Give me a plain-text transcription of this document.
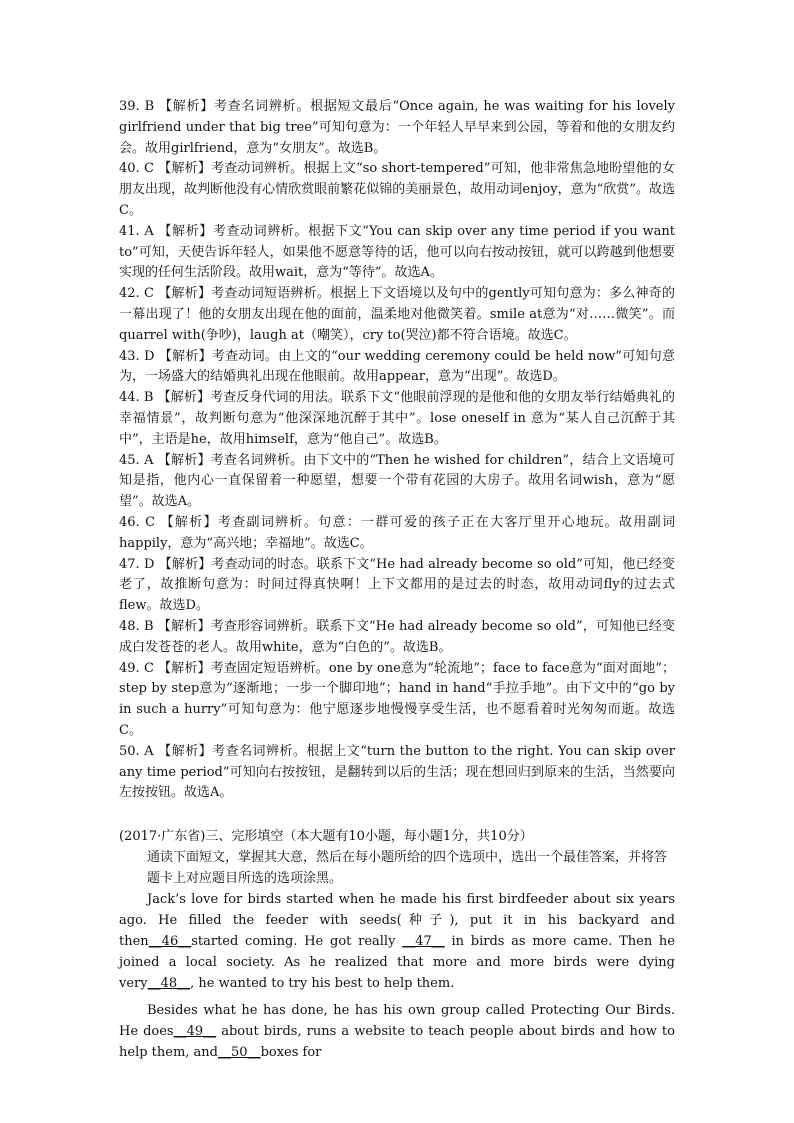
39. B 【解析】考查名词辨析。根据短文最后“Once again, he was waiting for his lovely girlfriend under that big tree”可知句意为：一个年轻人早早来到公园，等着和他的女朋友约会。故用girlfriend，意为“女朋友”。故选B。

40. C 【解析】考查动词辨析。根据上文“so short-tempered”可知，他非常焦急地盼望他的女朋友出现，故判断他没有心情欣赏眼前繁花似锦的美丽景色，故用动词enjoy，意为“欣赏”。故选C。

41. A 【解析】考查动词辨析。根据下文“You can skip over any time period if you want to”可知，天使告诉年轻人，如果他不愿意等待的话，他可以向右按动按钮，就可以跨越到他想要实现的任何生活阶段。故用wait，意为“等待”。故选A。

42. C 【解析】考查动词短语辨析。根据上下文语境以及句中的gently可知句意为：多么神奇的一幕出现了！他的女朋友出现在他的面前，温柔地对他微笑着。smile at意为“对……微笑”。而quarrel with(争吵)，laugh at（嘲笑），cry to(哭泣)都不符合语境。故选C。

43. D 【解析】考查动词。由上文的“our wedding ceremony could be held now”可知句意为，一场盛大的结婚典礼出现在他眼前。故用appear，意为“出现”。故选D。

44. B 【解析】考查反身代词的用法。联系下文“他眼前浮现的是他和他的女朋友举行结婚典礼的幸福情景”，故判断句意为“他深深地沉醉于其中”。lose oneself in 意为“某人自己沉醉于其中”，主语是he，故用himself，意为“他自己”。故选B。

45. A 【解析】考查名词辨析。由下文中的“Then he wished for children”，结合上文语境可知是指，他内心一直保留着一种愿望，想要一个带有花园的大房子。故用名词wish，意为“愿望”。故选A。

46. C 【解析】考查副词辨析。句意：一群可爱的孩子正在大客厅里开心地玩。故用副词happily，意为“高兴地；幸福地”。故选C。

47. D 【解析】考查动词的时态。联系下文“He had already become so old”可知，他已经变老了，故推断句意为：时间过得真快啊！上下文都用的是过去的时态，故用动词fly的过去式flew。故选D。

48. B 【解析】考查形容词辨析。联系下文“He had already become so old”，可知他已经变成白发苍苍的老人。故用white，意为“白色的”。故选B。

49. C 【解析】考查固定短语辨析。one by one意为“轮流地”；face to face意为“面对面地”；step by step意为“逐渐地；一步一个脚印地”；hand in hand“手拉手地”。由下文中的“go by in such a hurry”可知句意为：他宁愿逐步地慢慢享受生活，也不愿看着时光匆匆而逝。故选C。

50. A 【解析】考查名词辨析。根据上文“turn the button to the right. You can skip over any time period”可知向右按按钮，是翻转到以后的生活；现在想回归到原来的生活，当然要向左按按钮。故选A。

(2017·广东省)三、完形填空（本大题有10小题，每小题1分，共10分）

通读下面短文，掌握其大意，然后在每小题所给的四个选项中，选出一个最佳答案，并将答题卡上对应题目所选的选项涂黑。

Jack’s love for birds started when he made his first birdfeeder about six years ago. He filled the feeder with seeds(种子), put it in his backyard and then__46__started coming. He got really __47__ in birds as more came. Then he joined a local society. As he realized that more and more birds were dying very__48__, he wanted to try his best to help them.

Besides what he has done, he has his own group called Protecting Our Birds. He does__49__ about birds, runs a website to teach people about birds and how to help them, and__50__boxes for
